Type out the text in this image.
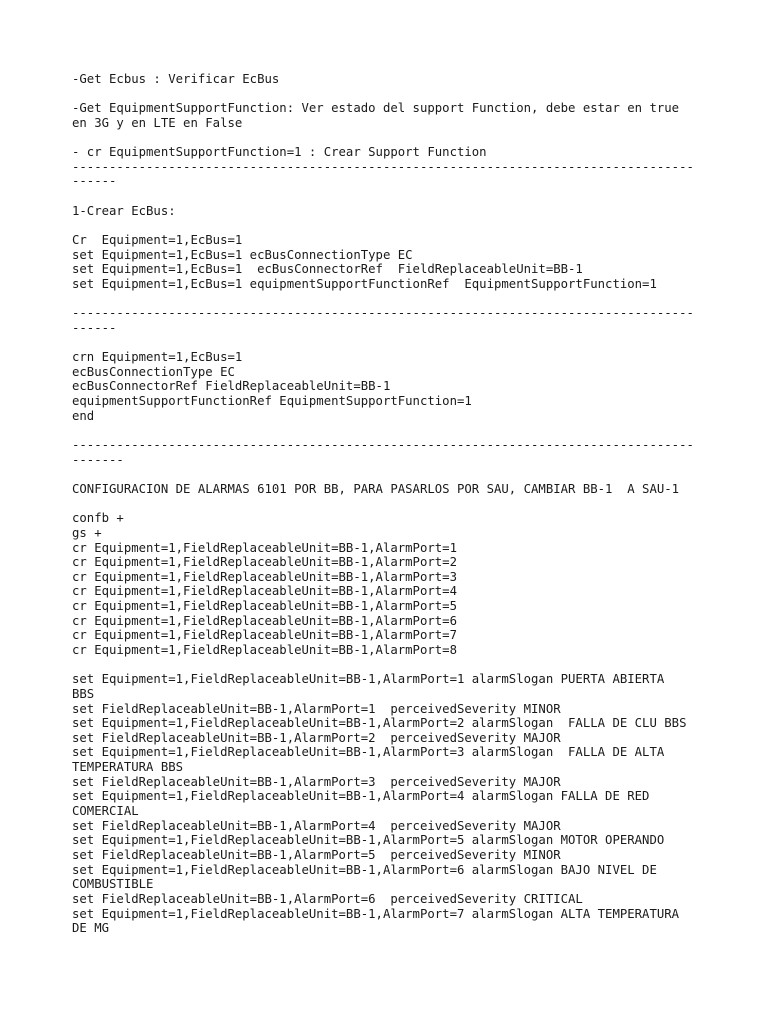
-Get Ecbus : Verificar EcBus
-Get EquipmentSupportFunction: Ver estado del support Function, debe estar en true
en 3G y en LTE en False
- cr EquipmentSupportFunction=1 : Crear Support Function
------------------------------------------------------------------------------------
------
1-Crear EcBus:
Cr  Equipment=1,EcBus=1
set Equipment=1,EcBus=1 ecBusConnectionType EC
set Equipment=1,EcBus=1  ecBusConnectorRef  FieldReplaceableUnit=BB-1
set Equipment=1,EcBus=1 equipmentSupportFunctionRef  EquipmentSupportFunction=1
------------------------------------------------------------------------------------
------
crn Equipment=1,EcBus=1
ecBusConnectionType EC
ecBusConnectorRef FieldReplaceableUnit=BB-1
equipmentSupportFunctionRef EquipmentSupportFunction=1
end
------------------------------------------------------------------------------------
-------
CONFIGURACION DE ALARMAS 6101 POR BB, PARA PASARLOS POR SAU, CAMBIAR BB-1  A SAU-1
confb +
gs +
cr Equipment=1,FieldReplaceableUnit=BB-1,AlarmPort=1
cr Equipment=1,FieldReplaceableUnit=BB-1,AlarmPort=2
cr Equipment=1,FieldReplaceableUnit=BB-1,AlarmPort=3
cr Equipment=1,FieldReplaceableUnit=BB-1,AlarmPort=4
cr Equipment=1,FieldReplaceableUnit=BB-1,AlarmPort=5
cr Equipment=1,FieldReplaceableUnit=BB-1,AlarmPort=6
cr Equipment=1,FieldReplaceableUnit=BB-1,AlarmPort=7
cr Equipment=1,FieldReplaceableUnit=BB-1,AlarmPort=8
set Equipment=1,FieldReplaceableUnit=BB-1,AlarmPort=1 alarmSlogan PUERTA ABIERTA
BBS
set FieldReplaceableUnit=BB-1,AlarmPort=1  perceivedSeverity MINOR
set Equipment=1,FieldReplaceableUnit=BB-1,AlarmPort=2 alarmSlogan  FALLA DE CLU BBS
set FieldReplaceableUnit=BB-1,AlarmPort=2  perceivedSeverity MAJOR
set Equipment=1,FieldReplaceableUnit=BB-1,AlarmPort=3 alarmSlogan  FALLA DE ALTA
TEMPERATURA BBS
set FieldReplaceableUnit=BB-1,AlarmPort=3  perceivedSeverity MAJOR
set Equipment=1,FieldReplaceableUnit=BB-1,AlarmPort=4 alarmSlogan FALLA DE RED
COMERCIAL
set FieldReplaceableUnit=BB-1,AlarmPort=4  perceivedSeverity MAJOR
set Equipment=1,FieldReplaceableUnit=BB-1,AlarmPort=5 alarmSlogan MOTOR OPERANDO
set FieldReplaceableUnit=BB-1,AlarmPort=5  perceivedSeverity MINOR
set Equipment=1,FieldReplaceableUnit=BB-1,AlarmPort=6 alarmSlogan BAJO NIVEL DE
COMBUSTIBLE
set FieldReplaceableUnit=BB-1,AlarmPort=6  perceivedSeverity CRITICAL
set Equipment=1,FieldReplaceableUnit=BB-1,AlarmPort=7 alarmSlogan ALTA TEMPERATURA
DE MG
